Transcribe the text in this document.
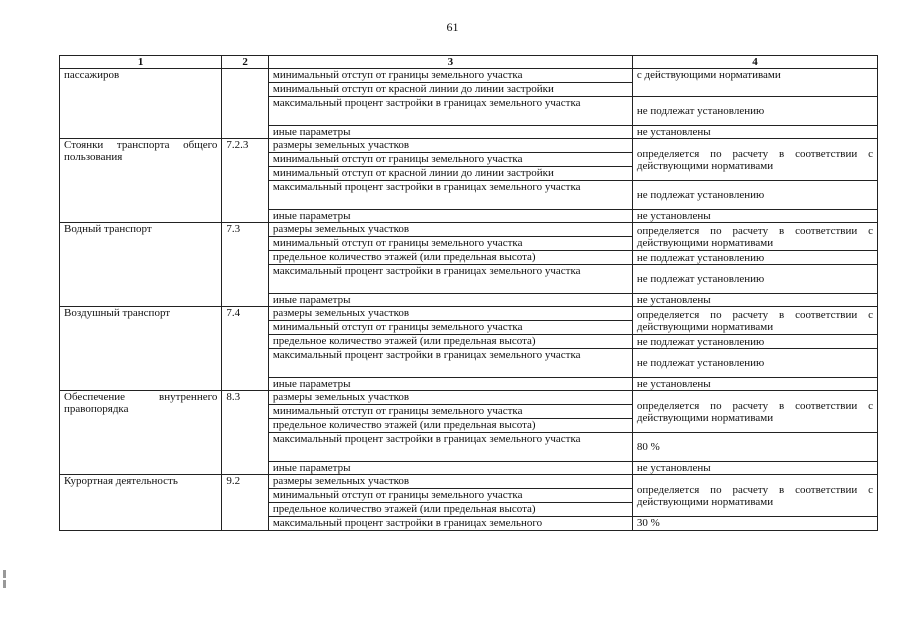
61
1	2	3	4
пассажиров		минимальный отступ от границы земельного участка	с действующими нормативами
		минимальный отступ от красной линии до линии застройки	
		максимальный процент застройки в границах земельного участка	не подлежат установлению
		иные параметры	не установлены
Стоянки транспорта общего пользования	7.2.3	размеры земельных участков	определяется по расчету в соответствии с действующими нормативами
		минимальный отступ от границы земельного участка	
		минимальный отступ от красной линии до линии застройки	
		максимальный процент застройки в границах земельного участка	не подлежат установлению
		иные параметры	не установлены
Водный транспорт	7.3	размеры земельных участков	определяется по расчету в соответствии с действующими нормативами
		минимальный отступ от границы земельного участка	
		предельное количество этажей (или предельная высота)	не подлежат установлению
		максимальный процент застройки в границах земельного участка	не подлежат установлению
		иные параметры	не установлены
Воздушный транспорт	7.4	размеры земельных участков	определяется по расчету в соответствии с действующими нормативами
		минимальный отступ от границы земельного участка	
		предельное количество этажей (или предельная высота)	не подлежат установлению
		максимальный процент застройки в границах земельного участка	не подлежат установлению
		иные параметры	не установлены
Обеспечение внутреннего правопорядка	8.3	размеры земельных участков	определяется по расчету в соответствии с действующими нормативами
		минимальный отступ от границы земельного участка	
		предельное количество этажей (или предельная высота)	
		максимальный процент застройки в границах земельного участка	80 %
		иные параметры	не установлены
Курортная деятельность	9.2	размеры земельных участков	определяется по расчету в соответствии с действующими нормативами
		минимальный отступ от границы земельного участка	
		предельное количество этажей (или предельная высота)	
		максимальный процент застройки в границах земельного	30 %
